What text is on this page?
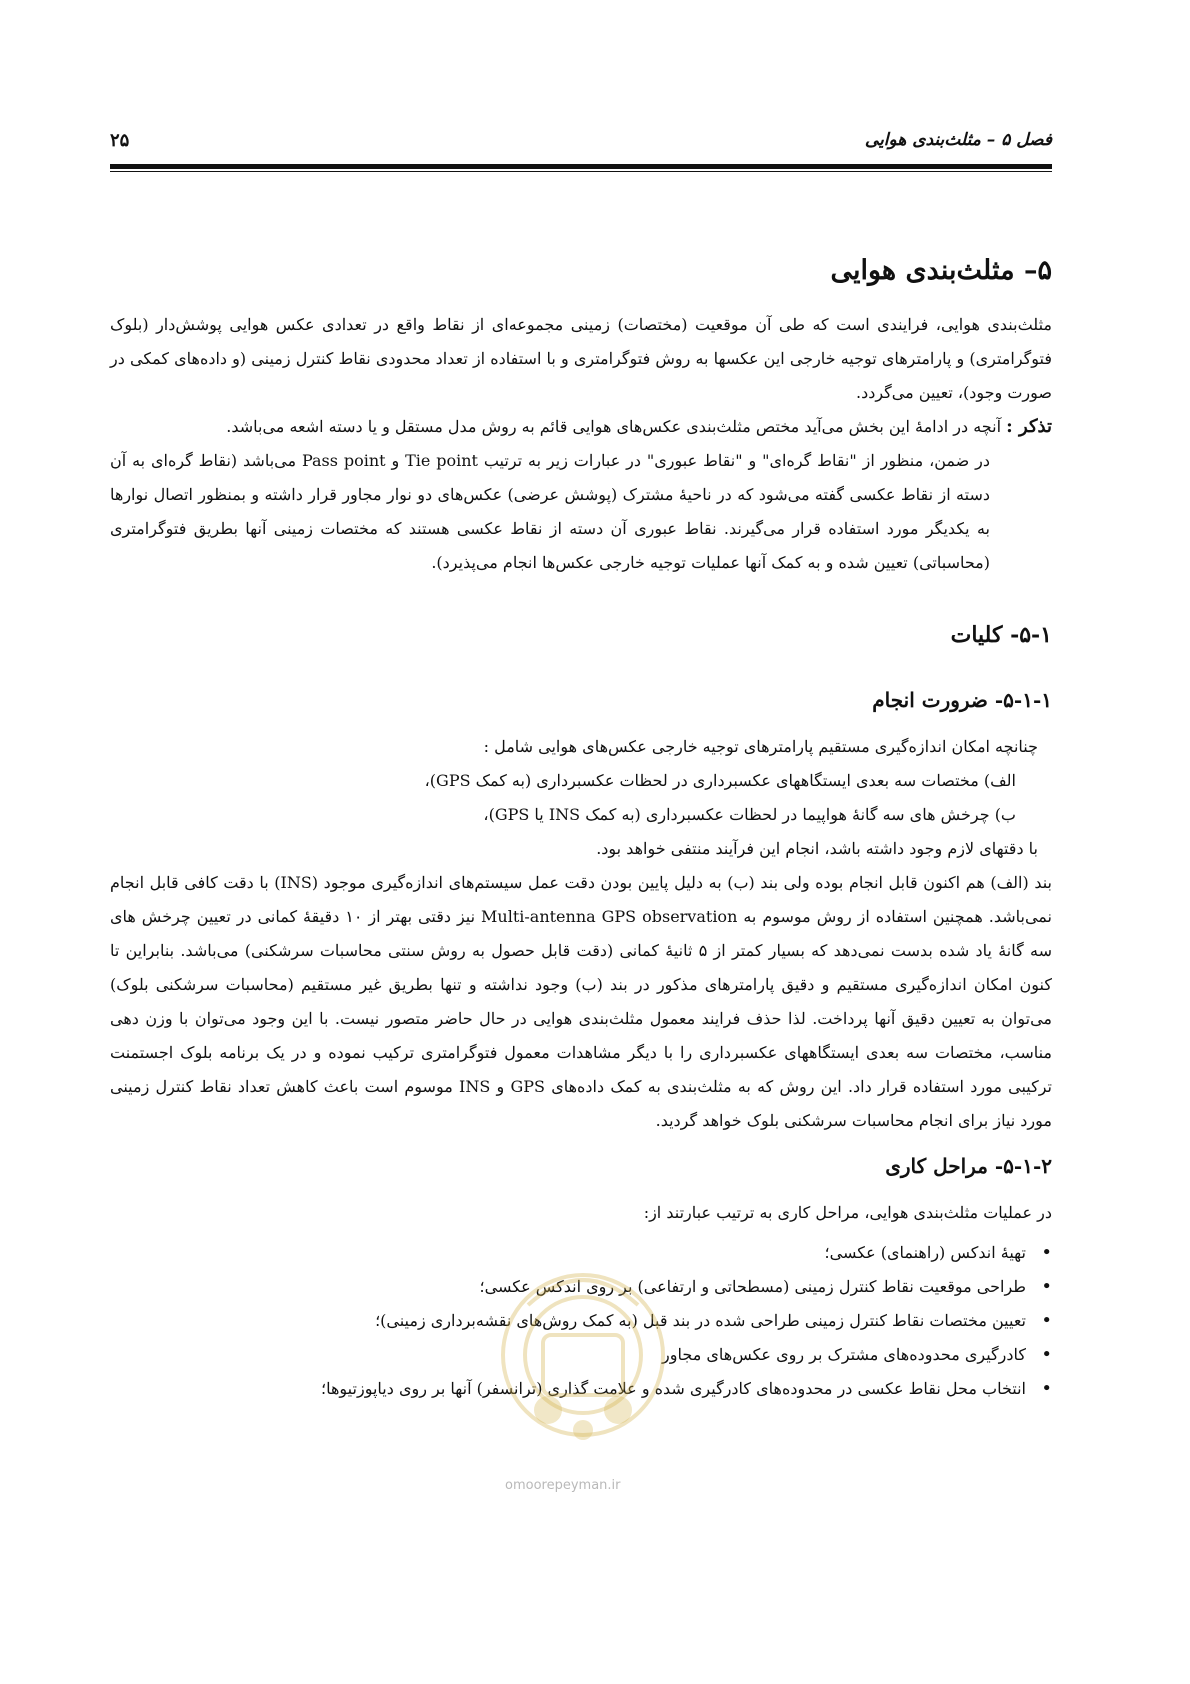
فصل ۵ – مثلث‌بندی هوایی
۲۵
۵– مثلث‌بندی هوایی

مثلث‌بندی هوایی، فرایندی است که طی آن موقعیت (مختصات) زمینی مجموعه‌ای از نقاط واقع در تعدادی عکس هوایی پوشش‌دار (بلوک فتوگرامتری) و پارامترهای توجیه خارجی این عکسها به روش فتوگرامتری و با استفاده از تعداد محدودی نقاط کنترل زمینی (و داده‌های کمکی در صورت وجود)، تعیین می‌گردد.

تذکر : آنچه در ادامۀ این بخش می‌آید مختص مثلث‌بندی عکس‌های هوایی قائم به روش مدل مستقل و یا دسته اشعه می‌باشد.

در ضمن، منظور از "نقاط گره‌ای" و "نقاط عبوری" در عبارات زیر به ترتیب Tie point و Pass point می‌باشد (نقاط گره‌ای به آن دسته از نقاط عکسی گفته می‌شود که در ناحیۀ مشترک (پوشش عرضی) عکس‌های دو نوار مجاور قرار داشته و بمنظور اتصال نوارها به یکدیگر مورد استفاده قرار می‌گیرند. نقاط عبوری آن دسته از نقاط عکسی هستند که مختصات زمینی آنها بطریق فتوگرامتری (محاسباتی) تعیین شده و به کمک آنها عملیات توجیه خارجی عکس‌ها انجام می‌پذیرد).

۵-۱- کلیات
۵-۱-۱- ضرورت انجام

چنانچه امکان اندازه‌گیری مستقیم پارامترهای توجیه خارجی عکس‌های هوایی شامل :

الف) مختصات سه بعدی ایستگاههای عکسبرداری در لحظات عکسبرداری (به کمک GPS)،

ب) چرخش های سه گانۀ هواپیما در لحظات عکسبرداری (به کمک INS یا GPS)،

با دقتهای لازم وجود داشته باشد، انجام این فرآیند منتفی خواهد بود.

بند (الف) هم اکنون قابل انجام بوده ولی بند (ب) به دلیل پایین بودن دقت عمل سیستم‌های اندازه‌گیری موجود (INS) با دقت کافی قابل انجام نمی‌باشد. همچنین استفاده از روش موسوم به Multi-antenna GPS observation نیز دقتی بهتر از ۱۰ دقیقۀ کمانی در تعیین چرخش های سه گانۀ یاد شده بدست نمی‌دهد که بسیار کمتر از ۵ ثانیۀ کمانی (دقت قابل حصول به روش سنتی محاسبات سرشکنی) می‌باشد. بنابراین تا کنون امکان اندازه‌گیری مستقیم و دقیق پارامترهای مذکور در بند (ب) وجود نداشته و تنها بطریق غیر مستقیم (محاسبات سرشکنی بلوک) می‌توان به تعیین دقیق آنها پرداخت. لذا حذف فرایند معمول مثلث‌بندی هوایی در حال حاضر متصور نیست. با این وجود می‌توان با وزن دهی مناسب، مختصات سه بعدی ایستگاههای عکسبرداری را با دیگر مشاهدات معمول فتوگرامتری ترکیب نموده و در یک برنامه بلوک اجستمنت ترکیبی مورد استفاده قرار داد. این روش که به مثلث‌بندی به کمک داده‌های GPS و INS موسوم است باعث کاهش تعداد نقاط کنترل زمینی مورد نیاز برای انجام محاسبات سرشکنی بلوک خواهد گردید.

۵-۱-۲- مراحل کاری

در عملیات مثلث‌بندی هوایی، مراحل کاری به ترتیب عبارتند از:

• تهیۀ اندکس (راهنمای) عکسی؛
• طراحی موقعیت نقاط کنترل زمینی (مسطحاتی و ارتفاعی) بر روی اندکس عکسی؛
• تعیین مختصات نقاط کنترل زمینی طراحی شده در بند قبل (به کمک روش‌های نقشه‌برداری زمینی)؛
• کادرگیری محدوده‌های مشترک بر روی عکس‌های مجاور
• انتخاب محل نقاط عکسی در محدوده‌های کادرگیری شده و علامت گذاری (ترانسفر) آنها بر روی دیاپوزتیوها؛
omoorepeyman.ir
